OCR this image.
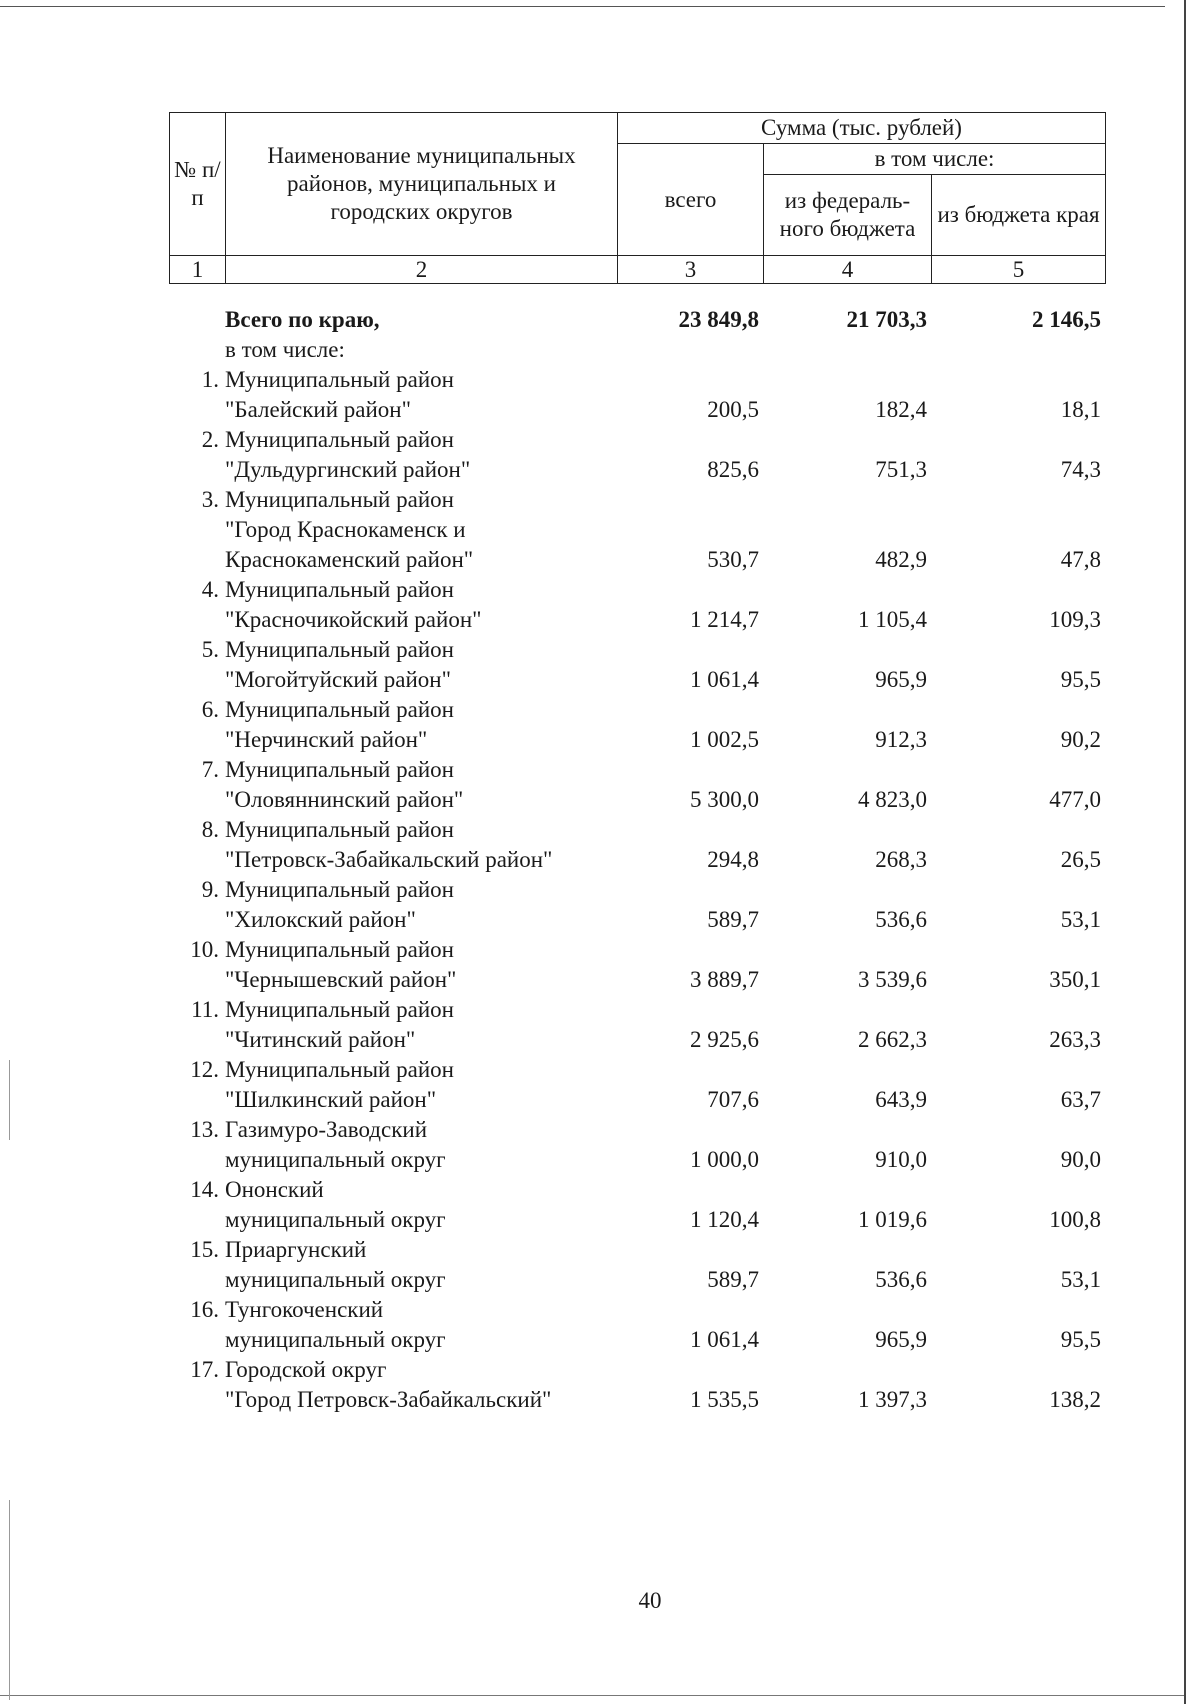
№ п/п	Наименование муниципальных районов, муниципальных и городских округов	Сумма (тыс. рублей)		
		всего	в том числе:	
			из федераль-ного бюджета	из бюджета края
1	2	3	4	5
	Всего по краю,	23 849,8	21 703,3	2 146,5
	в том числе:			
1.	Муниципальный район			
	"Балейский район"	200,5	182,4	18,1
2.	Муниципальный район			
	"Дульдургинский район"	825,6	751,3	74,3
3.	Муниципальный район			
	"Город Краснокаменск и			
	Краснокаменский район"	530,7	482,9	47,8
4.	Муниципальный район			
	"Красночикойский район"	1 214,7	1 105,4	109,3
5.	Муниципальный район			
	"Могойтуйский район"	1 061,4	965,9	95,5
6.	Муниципальный район			
	"Нерчинский район"	1 002,5	912,3	90,2
7.	Муниципальный район			
	"Оловяннинский район"	5 300,0	4 823,0	477,0
8.	Муниципальный район			
	"Петровск-Забайкальский район"	294,8	268,3	26,5
9.	Муниципальный район			
	"Хилокский район"	589,7	536,6	53,1
10.	Муниципальный район			
	"Чернышевский район"	3 889,7	3 539,6	350,1
11.	Муниципальный район			
	"Читинский район"	2 925,6	2 662,3	263,3
12.	Муниципальный район			
	"Шилкинский район"	707,6	643,9	63,7
13.	Газимуро-Заводский			
	муниципальный округ	1 000,0	910,0	90,0
14.	Ононский			
	муниципальный округ	1 120,4	1 019,6	100,8
15.	Приаргунский			
	муниципальный округ	589,7	536,6	53,1
16.	Тунгокоченский			
	муниципальный округ	1 061,4	965,9	95,5
17.	Городской округ			
	"Город Петровск-Забайкальский"	1 535,5	1 397,3	138,2
40
